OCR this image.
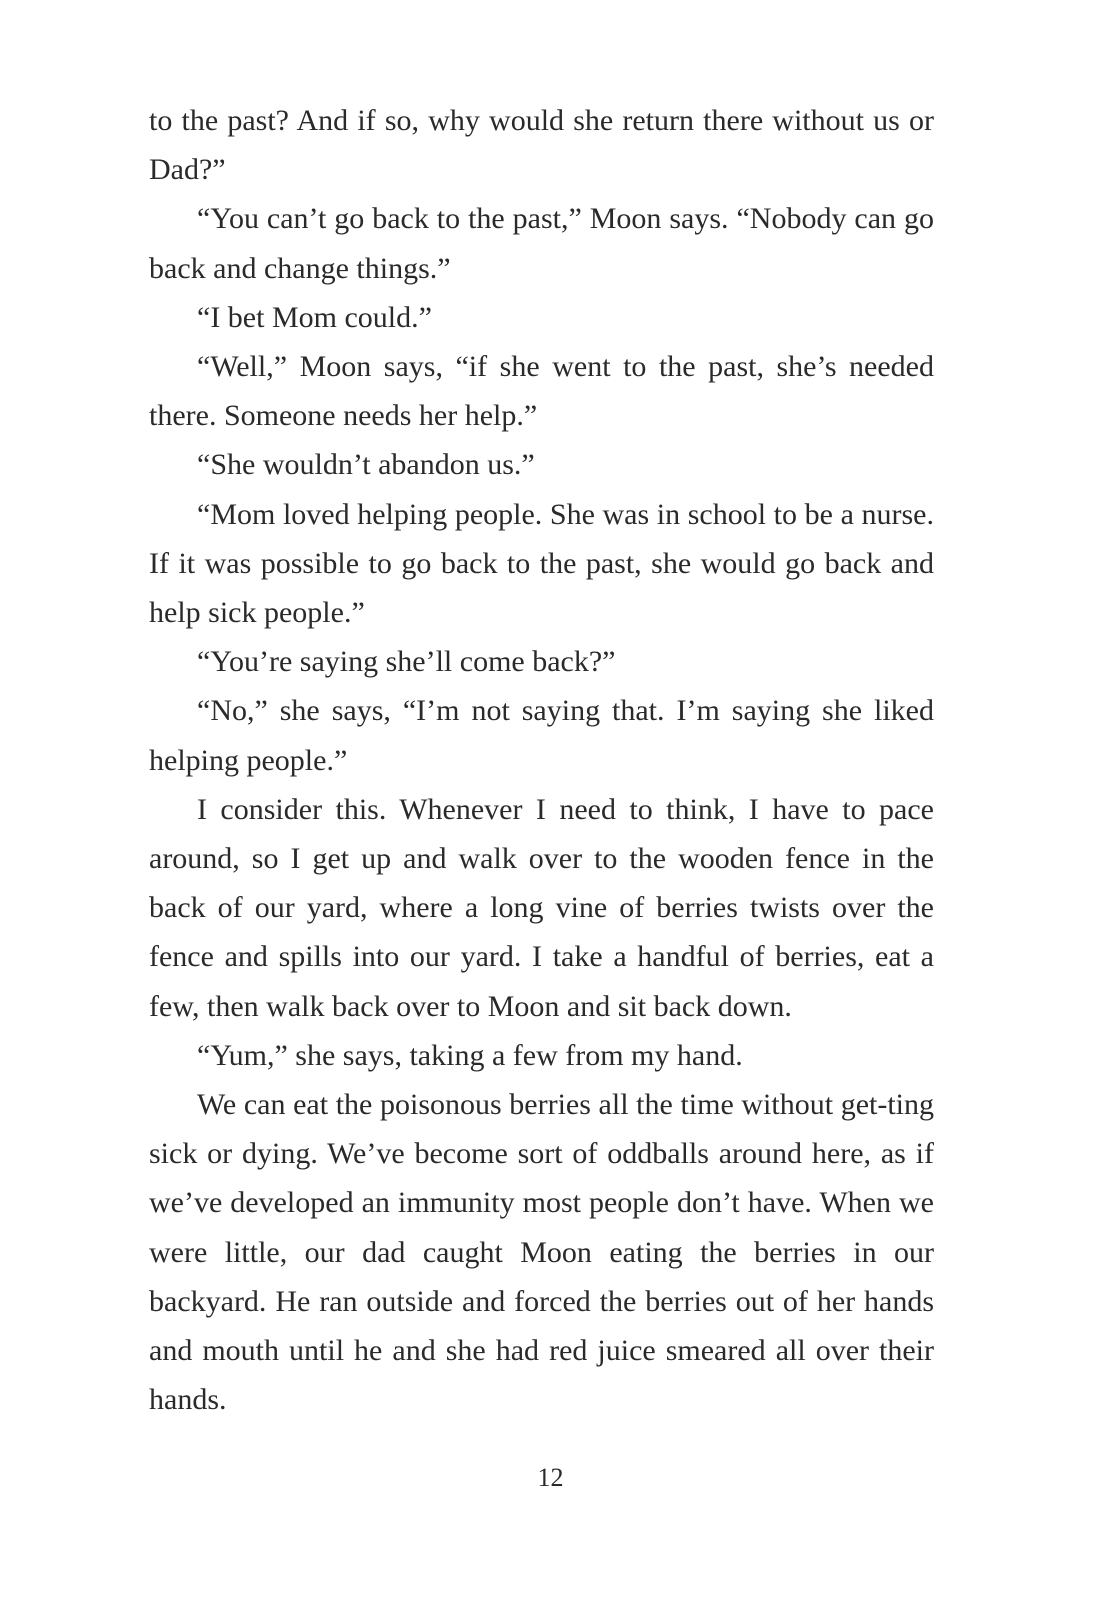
to the past? And if so, why would she return there without us or Dad?”

“You can’t go back to the past,” Moon says. “Nobody can go back and change things.”

“I bet Mom could.”

“Well,” Moon says, “if she went to the past, she’s needed there. Someone needs her help.”

“She wouldn’t abandon us.”

“Mom loved helping people. She was in school to be a nurse. If it was possible to go back to the past, she would go back and help sick people.”

“You’re saying she’ll come back?”

“No,” she says, “I’m not saying that. I’m saying she liked helping people.”

I consider this. Whenever I need to think, I have to pace around, so I get up and walk over to the wooden fence in the back of our yard, where a long vine of berries twists over the fence and spills into our yard. I take a handful of berries, eat a few, then walk back over to Moon and sit back down.

“Yum,” she says, taking a few from my hand.

We can eat the poisonous berries all the time without get-ting sick or dying. We’ve become sort of oddballs around here, as if we’ve developed an immunity most people don’t have. When we were little, our dad caught Moon eating the berries in our backyard. He ran outside and forced the berries out of her hands and mouth until he and she had red juice smeared all over their hands.

12
